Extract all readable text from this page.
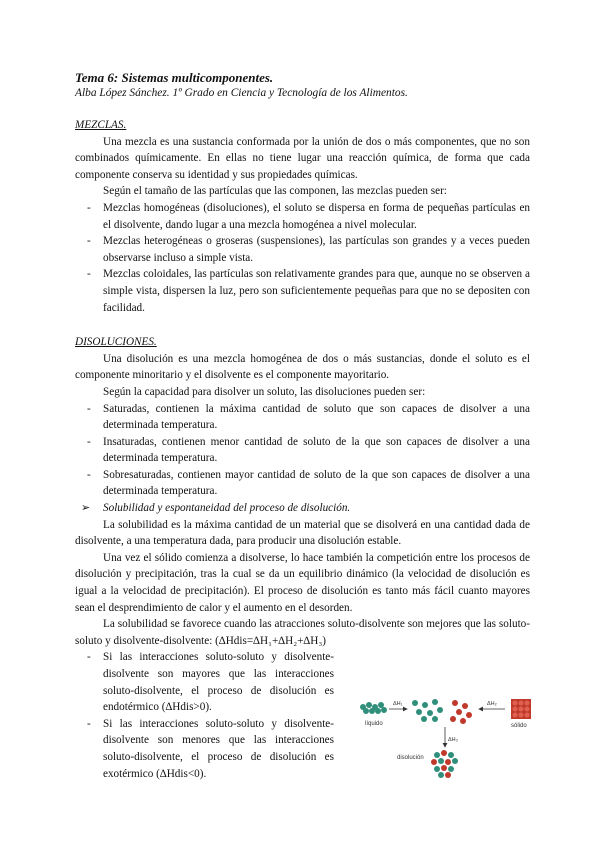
Tema 6: Sistemas multicomponentes.
Alba López Sánchez. 1º Grado en Ciencia y Tecnología de los Alimentos.
MEZCLAS.

Una mezcla es una sustancia conformada por la unión de dos o más componentes, que no son combinados químicamente. En ellas no tiene lugar una reacción química, de forma que cada componente conserva su identidad y sus propiedades químicas.

Según el tamaño de las partículas que las componen, las mezclas pueden ser:

- Mezclas homogéneas (disoluciones), el soluto se dispersa en forma de pequeñas partículas en el disolvente, dando lugar a una mezcla homogénea a nivel molecular.
- Mezclas heterogéneas o groseras (suspensiones), las partículas son grandes y a veces pueden observarse incluso a simple vista.
- Mezclas coloidales, las partículas son relativamente grandes para que, aunque no se observen a simple vista, dispersen la luz, pero son suficientemente pequeñas para que no se depositen con facilidad.
DISOLUCIONES.

Una disolución es una mezcla homogénea de dos o más sustancias, donde el soluto es el componente minoritario y el disolvente es el componente mayoritario.

Según la capacidad para disolver un soluto, las disoluciones pueden ser:

- Saturadas, contienen la máxima cantidad de soluto que son capaces de disolver a una determinada temperatura.
- Insaturadas, contienen menor cantidad de soluto de la que son capaces de disolver a una determinada temperatura.
- Sobresaturadas, contienen mayor cantidad de soluto de la que son capaces de disolver a una determinada temperatura.
➢ Solubilidad y espontaneidad del proceso de disolución.

La solubilidad es la máxima cantidad de un material que se disolverá en una cantidad dada de disolvente, a una temperatura dada, para producir una disolución estable.

Una vez el sólido comienza a disolverse, lo hace también la competición entre los procesos de disolución y precipitación, tras la cual se da un equilibrio dinámico (la velocidad de disolución es igual a la velocidad de precipitación). El proceso de disolución es tanto más fácil cuanto mayores sean el desprendimiento de calor y el aumento en el desorden.

La solubilidad se favorece cuando las atracciones soluto-disolvente son mejores que las soluto-soluto y disolvente-disolvente: (∆Hdis=∆H₁+∆H₂+∆H₃)

- Si las interacciones soluto-soluto y disolvente-disolvente son mayores que las interacciones soluto-disolvente, el proceso de disolución es endotérmico (∆Hdis>0).
- Si las interacciones soluto-soluto y disolvente-disolvente son menores que las interacciones soluto-disolvente, el proceso de disolución es exotérmico (∆Hdis<0).
líquido
ΔH₁	ΔH₂
sólido
ΔH₃
disolución
